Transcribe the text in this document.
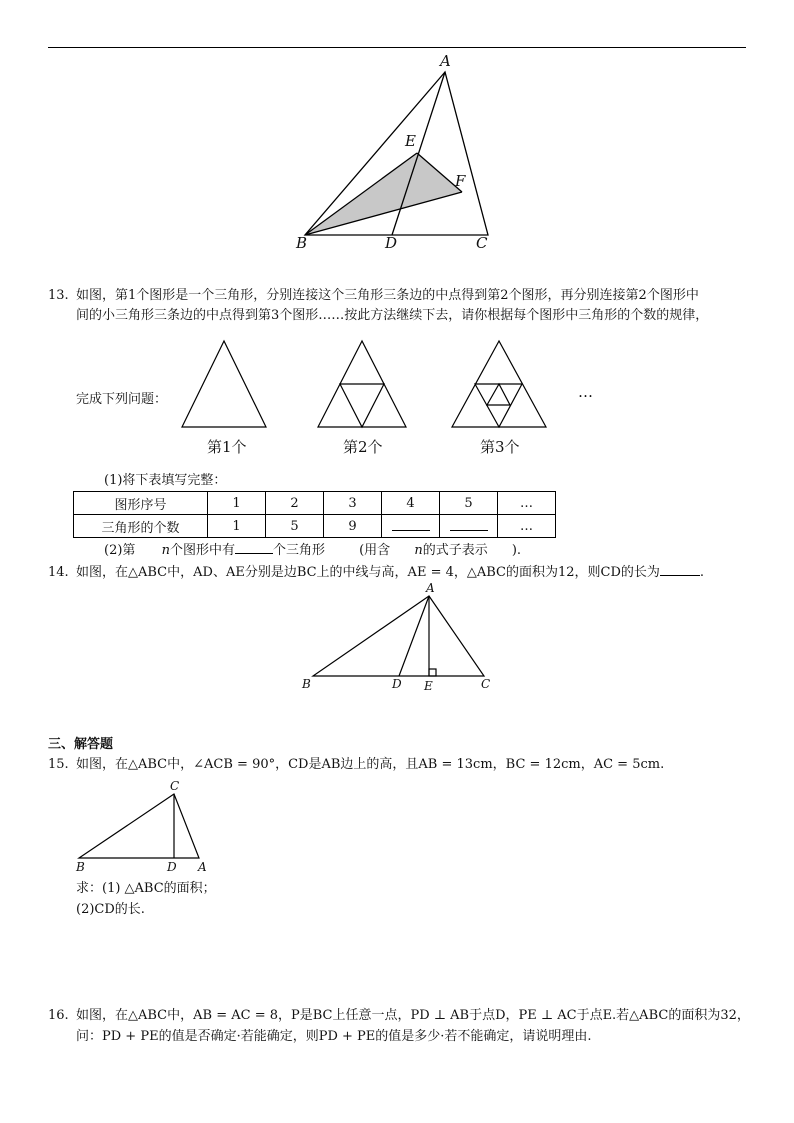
A
E
F
B	D	C
13. 如图，第1个图形是一个三角形，分别连接这个三角形三条边的中点得到第2个图形，再分别连接第2个图形中
间的小三角形三条边的中点得到第3个图形……按此方法继续下去，请你根据每个图形中三角形的个数的规律，
完成下列问题：
第1个	第2个	第3个
…
(1)将下表填写完整：
图形序号	1	2	3	4	5	…
三角形的个数	1	5	9			…
(2)第 n个图形中有	个三角形	(用含 n的式子表示 ).
14. 如图，在△ABC中，AD、AE分别是边BC上的中线与高，AE = 4，△ABC的面积为12，则CD的长为	.
A
B	D E	C
三、解答题
15. 如图，在△ABC中，∠ACB = 90°，CD是AB边上的高，且AB = 13cm，BC = 12cm，AC = 5cm.
C
B	D A
求：(1) △ABC的面积；
(2)CD的长.
16. 如图，在△ABC中，AB = AC = 8，P是BC上任意一点，PD ⊥ AB于点D，PE ⊥ AC于点E.若△ABC的面积为32，
问：PD + PE的值是否确定·若能确定，则PD + PE的值是多少·若不能确定，请说明理由.
